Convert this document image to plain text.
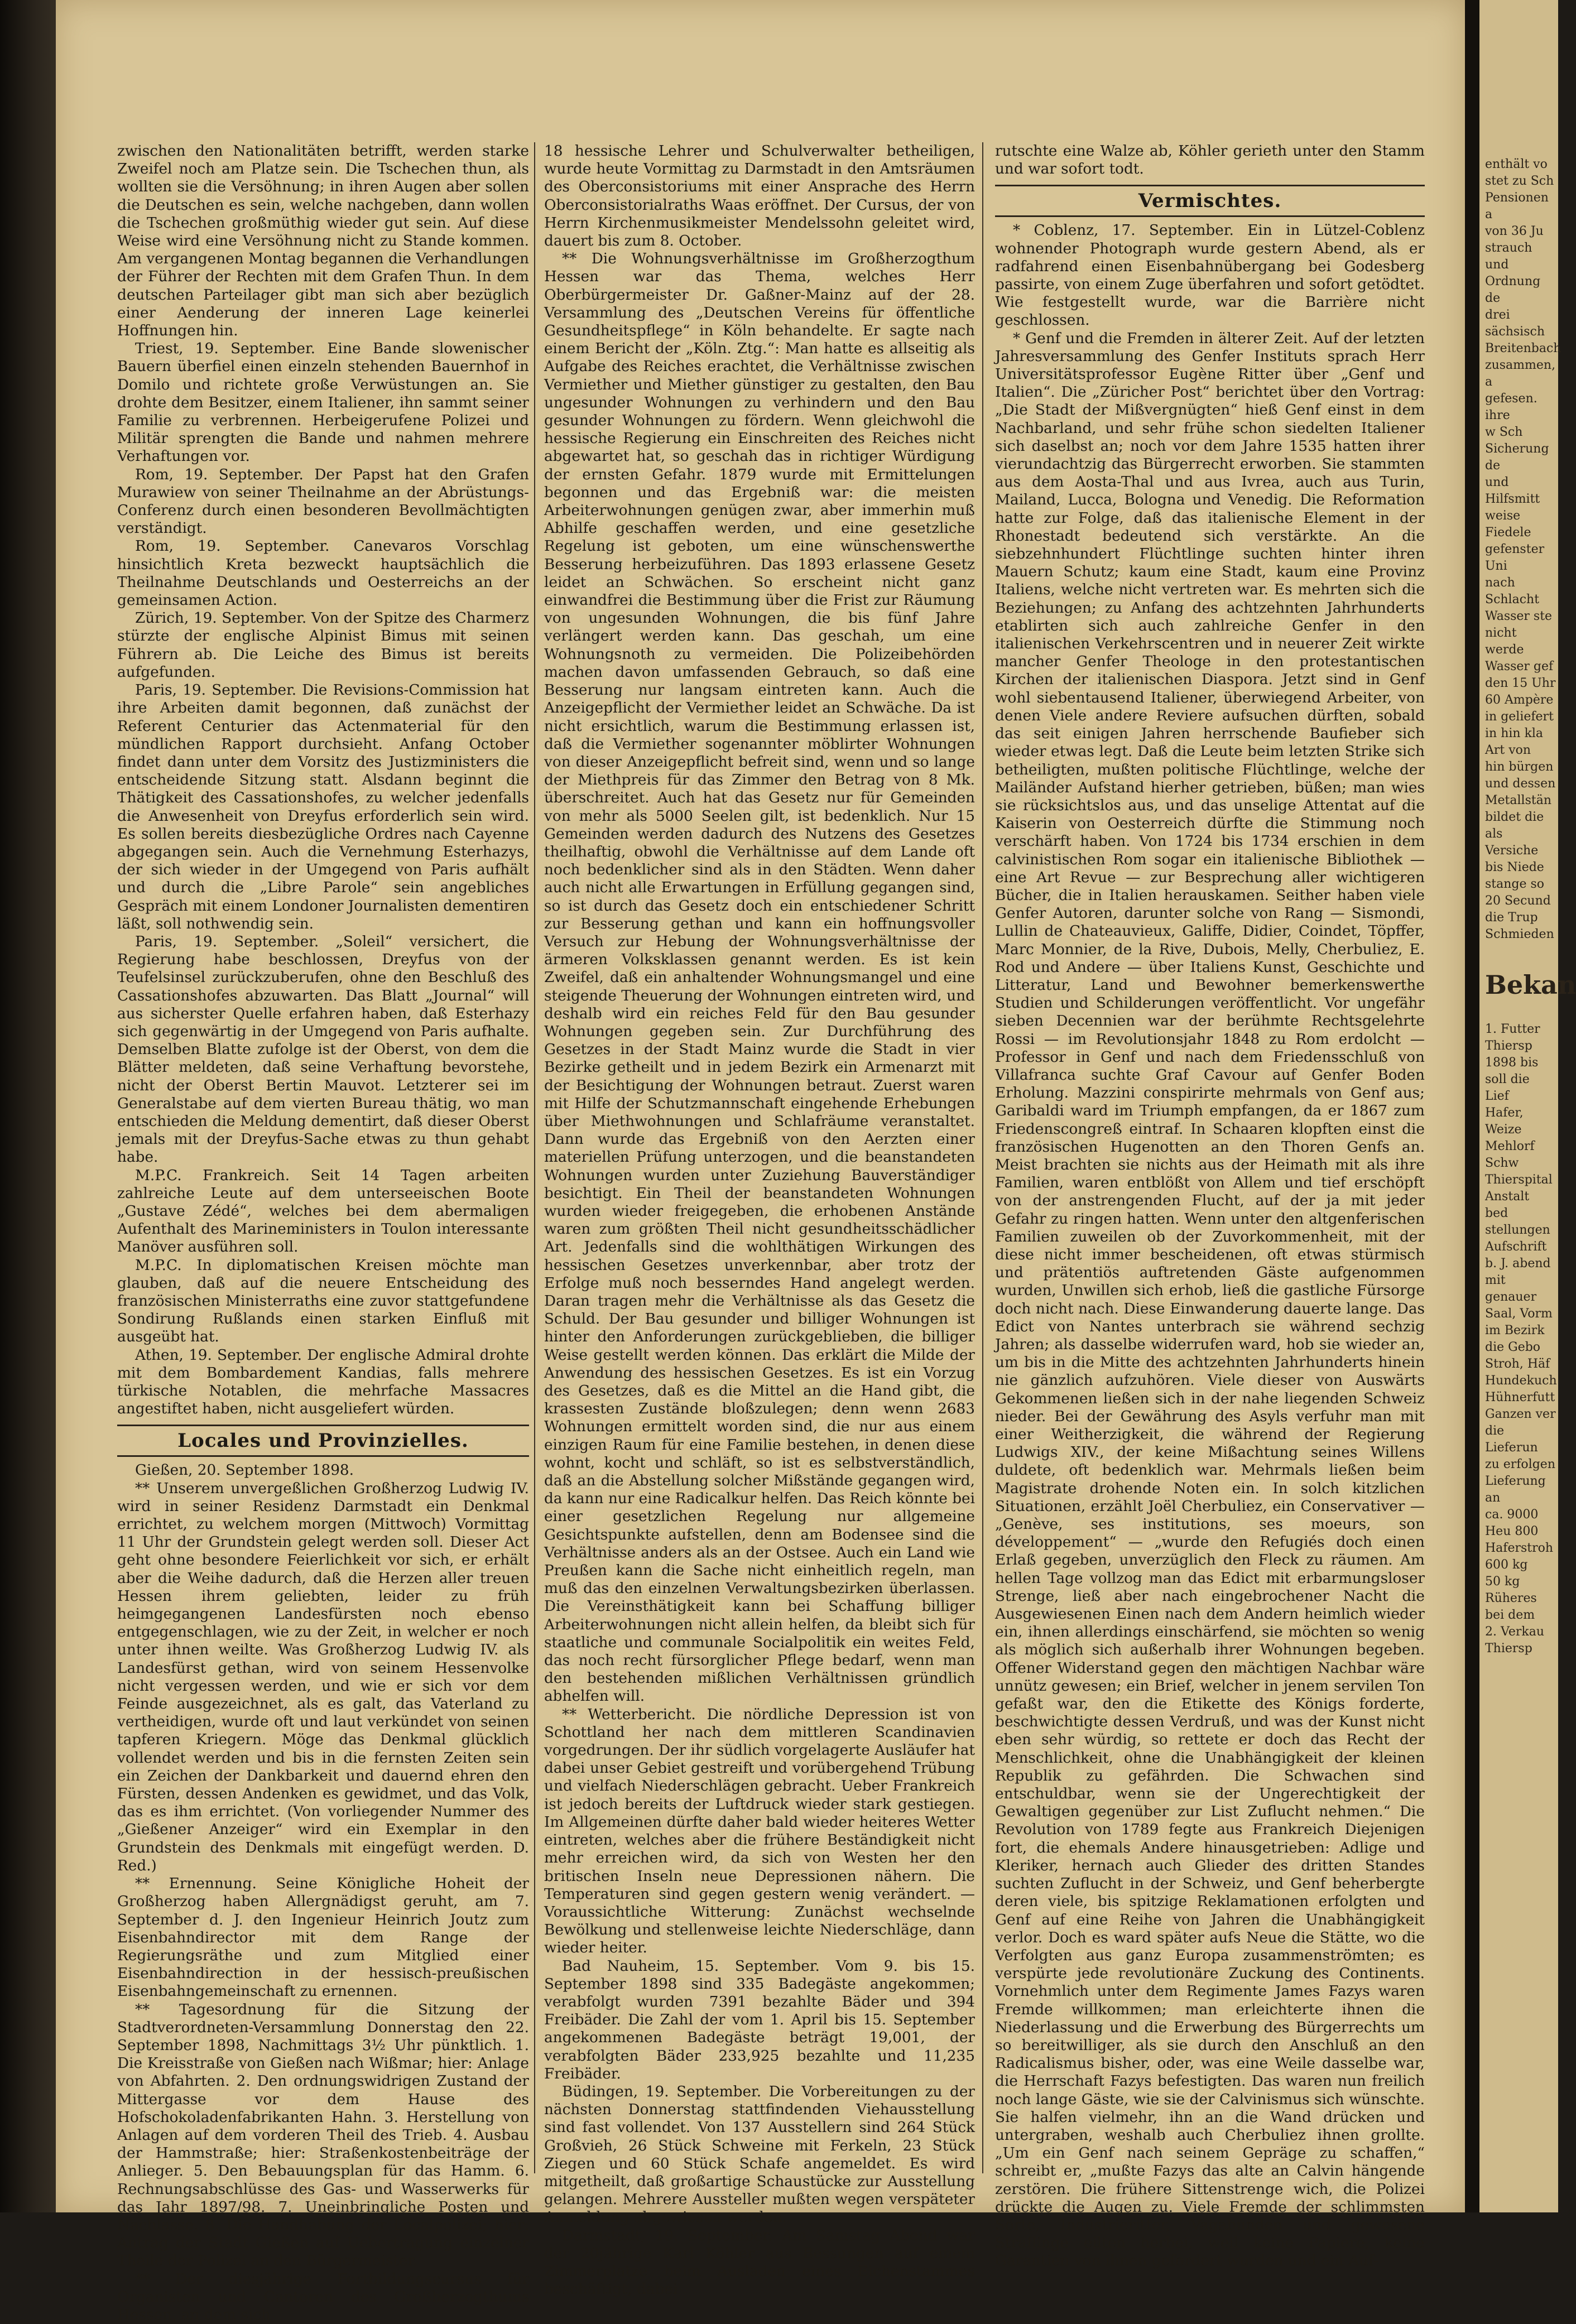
zwischen den Nationalitäten betrifft, werden starke Zweifel noch am Platze sein. Die Tschechen thun, als wollten sie die Versöhnung; in ihren Augen aber sollen die Deutschen es sein, welche nachgeben, dann wollen die Tschechen großmüthig wieder gut sein. Auf diese Weise wird eine Versöhnung nicht zu Stande kommen. Am vergangenen Montag begannen die Verhandlungen der Führer der Rechten mit dem Grafen Thun. In dem deutschen Parteilager gibt man sich aber bezüglich einer Aenderung der inneren Lage keinerlei Hoffnungen hin.

Triest, 19. September. Eine Bande slowenischer Bauern überfiel einen einzeln stehenden Bauernhof in Domilo und richtete große Verwüstungen an. Sie drohte dem Besitzer, einem Italiener, ihn sammt seiner Familie zu verbrennen. Herbeigerufene Polizei und Militär sprengten die Bande und nahmen mehrere Verhaftungen vor.

Rom, 19. September. Der Papst hat den Grafen Murawiew von seiner Theilnahme an der Abrüstungs-Conferenz durch einen besonderen Bevollmächtigten verständigt.

Rom, 19. September. Canevaros Vorschlag hinsichtlich Kreta bezweckt hauptsächlich die Theilnahme Deutschlands und Oesterreichs an der gemeinsamen Action.

Zürich, 19. September. Von der Spitze des Charmerz stürzte der englische Alpinist Bimus mit seinen Führern ab. Die Leiche des Bimus ist bereits aufgefunden.

Paris, 19. September. Die Revisions-Commission hat ihre Arbeiten damit begonnen, daß zunächst der Referent Centurier das Actenmaterial für den mündlichen Rapport durchsieht. Anfang October findet dann unter dem Vorsitz des Justizministers die entscheidende Sitzung statt. Alsdann beginnt die Thätigkeit des Cassationshofes, zu welcher jedenfalls die Anwesenheit von Dreyfus erforderlich sein wird. Es sollen bereits diesbezügliche Ordres nach Cayenne abgegangen sein. Auch die Vernehmung Esterhazys, der sich wieder in der Umgegend von Paris aufhält und durch die „Libre Parole“ sein angebliches Gespräch mit einem Londoner Journalisten dementiren läßt, soll nothwendig sein.

Paris, 19. September. „Soleil“ versichert, die Regierung habe beschlossen, Dreyfus von der Teufelsinsel zurückzuberufen, ohne den Beschluß des Cassationshofes abzuwarten. Das Blatt „Journal“ will aus sicherster Quelle erfahren haben, daß Esterhazy sich gegenwärtig in der Umgegend von Paris aufhalte. Demselben Blatte zufolge ist der Oberst, von dem die Blätter meldeten, daß seine Verhaftung bevorstehe, nicht der Oberst Bertin Mauvot. Letzterer sei im Generalstabe auf dem vierten Bureau thätig, wo man entschieden die Meldung dementirt, daß dieser Oberst jemals mit der Dreyfus-Sache etwas zu thun gehabt habe.

M.P.C. Frankreich. Seit 14 Tagen arbeiten zahlreiche Leute auf dem unterseeischen Boote „Gustave Zédé“, welches bei dem abermaligen Aufenthalt des Marineministers in Toulon interessante Manöver ausführen soll.

M.P.C. In diplomatischen Kreisen möchte man glauben, daß auf die neuere Entscheidung des französischen Ministerraths eine zuvor stattgefundene Sondirung Rußlands einen starken Einfluß mit ausgeübt hat.

Athen, 19. September. Der englische Admiral drohte mit dem Bombardement Kandias, falls mehrere türkische Notablen, die mehrfache Massacres angestiftet haben, nicht ausgeliefert würden.

Locales und Provinzielles.

Gießen, 20. September 1898.

** Unserem unvergeßlichen Großherzog Ludwig IV. wird in seiner Residenz Darmstadt ein Denkmal errichtet, zu welchem morgen (Mittwoch) Vormittag 11 Uhr der Grundstein gelegt werden soll. Dieser Act geht ohne besondere Feierlichkeit vor sich, er erhält aber die Weihe dadurch, daß die Herzen aller treuen Hessen ihrem geliebten, leider zu früh heimgegangenen Landesfürsten noch ebenso entgegenschlagen, wie zu der Zeit, in welcher er noch unter ihnen weilte. Was Großherzog Ludwig IV. als Landesfürst gethan, wird von seinem Hessenvolke nicht vergessen werden, und wie er sich vor dem Feinde ausgezeichnet, als es galt, das Vaterland zu vertheidigen, wurde oft und laut verkündet von seinen tapferen Kriegern. Möge das Denkmal glücklich vollendet werden und bis in die fernsten Zeiten sein ein Zeichen der Dankbarkeit und dauernd ehren den Fürsten, dessen Andenken es gewidmet, und das Volk, das es ihm errichtet. (Von vorliegender Nummer des „Gießener Anzeiger“ wird ein Exemplar in den Grundstein des Denkmals mit eingefügt werden. D. Red.)

** Ernennung. Seine Königliche Hoheit der Großherzog haben Allergnädigst geruht, am 7. September d. J. den Ingenieur Heinrich Joutz zum Eisenbahndirector mit dem Range der Regierungsräthe und zum Mitglied einer Eisenbahndirection in der hessisch-preußischen Eisenbahngemeinschaft zu ernennen.

** Tagesordnung für die Sitzung der Stadtverordneten-Versammlung Donnerstag den 22. September 1898, Nachmittags 3½ Uhr pünktlich. 1. Die Kreisstraße von Gießen nach Wißmar; hier: Anlage von Abfahrten. 2. Den ordnungswidrigen Zustand der Mittergasse vor dem Hause des Hofschokoladenfabrikanten Hahn. 3. Herstellung von Anlagen auf dem vorderen Theil des Trieb. 4. Ausbau der Hammstraße; hier: Straßenkostenbeiträge der Anlieger. 5. Den Bebauungsplan für das Hamm. 6. Rechnungsabschlüsse des Gas- und Wasserwerks für das Jahr 1897/98. 7. Uneinbringliche Posten und Nachlässe. 8. Die Handhabung der Localpolizei; hier: Antrag der Stadt Gießen auf Uebertragung einzelner Theile der Polizei an den Bürgermeister.

** Der diesjährige Fortbildungscursus für Organisten und Cantoren des Großherzogthums Hessen, an dem sich

18 hessische Lehrer und Schulverwalter betheiligen, wurde heute Vormittag zu Darmstadt in den Amtsräumen des Oberconsistoriums mit einer Ansprache des Herrn Oberconsistorialraths Waas eröffnet. Der Cursus, der von Herrn Kirchenmusikmeister Mendelssohn geleitet wird, dauert bis zum 8. October.

** Die Wohnungsverhältnisse im Großherzogthum Hessen war das Thema, welches Herr Oberbürgermeister Dr. Gaßner-Mainz auf der 28. Versammlung des „Deutschen Vereins für öffentliche Gesundheitspflege“ in Köln behandelte. Er sagte nach einem Bericht der „Köln. Ztg.“: Man hatte es allseitig als Aufgabe des Reiches erachtet, die Verhältnisse zwischen Vermiether und Miether günstiger zu gestalten, den Bau ungesunder Wohnungen zu verhindern und den Bau gesunder Wohnungen zu fördern. Wenn gleichwohl die hessische Regierung ein Einschreiten des Reiches nicht abgewartet hat, so geschah das in richtiger Würdigung der ernsten Gefahr. 1879 wurde mit Ermittelungen begonnen und das Ergebniß war: die meisten Arbeiterwohnungen genügen zwar, aber immerhin muß Abhilfe geschaffen werden, und eine gesetzliche Regelung ist geboten, um eine wünschenswerthe Besserung herbeizuführen. Das 1893 erlassene Gesetz leidet an Schwächen. So erscheint nicht ganz einwandfrei die Bestimmung über die Frist zur Räumung von ungesunden Wohnungen, die bis fünf Jahre verlängert werden kann. Das geschah, um eine Wohnungsnoth zu vermeiden. Die Polizeibehörden machen davon umfassenden Gebrauch, so daß eine Besserung nur langsam eintreten kann. Auch die Anzeigepflicht der Vermiether leidet an Schwäche. Da ist nicht ersichtlich, warum die Bestimmung erlassen ist, daß die Vermiether sogenannter möblirter Wohnungen von dieser Anzeigepflicht befreit sind, wenn und so lange der Miethpreis für das Zimmer den Betrag von 8 Mk. überschreitet. Auch hat das Gesetz nur für Gemeinden von mehr als 5000 Seelen gilt, ist bedenklich. Nur 15 Gemeinden werden dadurch des Nutzens des Gesetzes theilhaftig, obwohl die Verhältnisse auf dem Lande oft noch bedenklicher sind als in den Städten. Wenn daher auch nicht alle Erwartungen in Erfüllung gegangen sind, so ist durch das Gesetz doch ein entschiedener Schritt zur Besserung gethan und kann ein hoffnungsvoller Versuch zur Hebung der Wohnungsverhältnisse der ärmeren Volksklassen genannt werden. Es ist kein Zweifel, daß ein anhaltender Wohnungsmangel und eine steigende Theuerung der Wohnungen eintreten wird, und deshalb wird ein reiches Feld für den Bau gesunder Wohnungen gegeben sein. Zur Durchführung des Gesetzes in der Stadt Mainz wurde die Stadt in vier Bezirke getheilt und in jedem Bezirk ein Armenarzt mit der Besichtigung der Wohnungen betraut. Zuerst waren mit Hilfe der Schutzmannschaft eingehende Erhebungen über Miethwohnungen und Schlafräume veranstaltet. Dann wurde das Ergebniß von den Aerzten einer materiellen Prüfung unterzogen, und die beanstandeten Wohnungen wurden unter Zuziehung Bauverständiger besichtigt. Ein Theil der beanstandeten Wohnungen wurden wieder freigegeben, die erhobenen Anstände waren zum größten Theil nicht gesundheitsschädlicher Art. Jedenfalls sind die wohlthätigen Wirkungen des hessischen Gesetzes unverkennbar, aber trotz der Erfolge muß noch besserndes Hand angelegt werden. Daran tragen mehr die Verhältnisse als das Gesetz die Schuld. Der Bau gesunder und billiger Wohnungen ist hinter den Anforderungen zurückgeblieben, die billiger Weise gestellt werden können. Das erklärt die Milde der Anwendung des hessischen Gesetzes. Es ist ein Vorzug des Gesetzes, daß es die Mittel an die Hand gibt, die krassesten Zustände bloßzulegen; denn wenn 2683 Wohnungen ermittelt worden sind, die nur aus einem einzigen Raum für eine Familie bestehen, in denen diese wohnt, kocht und schläft, so ist es selbstverständlich, daß an die Abstellung solcher Mißstände gegangen wird, da kann nur eine Radicalkur helfen. Das Reich könnte bei einer gesetzlichen Regelung nur allgemeine Gesichtspunkte aufstellen, denn am Bodensee sind die Verhältnisse anders als an der Ostsee. Auch ein Land wie Preußen kann die Sache nicht einheitlich regeln, man muß das den einzelnen Verwaltungsbezirken überlassen. Die Vereinsthätigkeit kann bei Schaffung billiger Arbeiterwohnungen nicht allein helfen, da bleibt sich für staatliche und communale Socialpolitik ein weites Feld, das noch recht fürsorglicher Pflege bedarf, wenn man den bestehenden mißlichen Verhältnissen gründlich abhelfen will.

** Wetterbericht. Die nördliche Depression ist von Schottland her nach dem mittleren Scandinavien vorgedrungen. Der ihr südlich vorgelagerte Ausläufer hat dabei unser Gebiet gestreift und vorübergehend Trübung und vielfach Niederschlägen gebracht. Ueber Frankreich ist jedoch bereits der Luftdruck wieder stark gestiegen. Im Allgemeinen dürfte daher bald wieder heiteres Wetter eintreten, welches aber die frühere Beständigkeit nicht mehr erreichen wird, da sich von Westen her den britischen Inseln neue Depressionen nähern. Die Temperaturen sind gegen gestern wenig verändert. — Voraussichtliche Witterung: Zunächst wechselnde Bewölkung und stellenweise leichte Niederschläge, dann wieder heiter.

Bad Nauheim, 15. September. Vom 9. bis 15. September 1898 sind 335 Badegäste angekommen; verabfolgt wurden 7391 bezahlte Bäder und 394 Freibäder. Die Zahl der vom 1. April bis 15. September angekommenen Badegäste beträgt 19,001, der verabfolgten Bäder 233,925 bezahlte und 11,235 Freibäder.

Büdingen, 19. September. Die Vorbereitungen zu der nächsten Donnerstag stattfindenden Viehausstellung sind fast vollendet. Von 137 Ausstellern sind 264 Stück Großvieh, 26 Stück Schweine mit Ferkeln, 23 Stück Ziegen und 60 Stück Schafe angemeldet. Es wird mitgetheilt, daß großartige Schaustücke zur Ausstellung gelangen. Mehrere Aussteller mußten wegen verspäteter Anmeldung abgewiesen werden.

Darmstadt, 19. September. Am Samstag Abend war der 20jährige Karl Köhler aus Bessungen auf einem Zimmerplatze beim Ausladen eines Eichenstammes beschäftigt, dabei

rutschte eine Walze ab, Köhler gerieth unter den Stamm und war sofort todt.

Vermischtes.

* Coblenz, 17. September. Ein in Lützel-Coblenz wohnender Photograph wurde gestern Abend, als er radfahrend einen Eisenbahnübergang bei Godesberg passirte, von einem Zuge überfahren und sofort getödtet. Wie festgestellt wurde, war die Barrière nicht geschlossen.

* Genf und die Fremden in älterer Zeit. Auf der letzten Jahresversammlung des Genfer Instituts sprach Herr Universitätsprofessor Eugène Ritter über „Genf und Italien“. Die „Züricher Post“ berichtet über den Vortrag: „Die Stadt der Mißvergnügten“ hieß Genf einst in dem Nachbarland, und sehr frühe schon siedelten Italiener sich daselbst an; noch vor dem Jahre 1535 hatten ihrer vierundachtzig das Bürgerrecht erworben. Sie stammten aus dem Aosta-Thal und aus Ivrea, auch aus Turin, Mailand, Lucca, Bologna und Venedig. Die Reformation hatte zur Folge, daß das italienische Element in der Rhonestadt bedeutend sich verstärkte. An die siebzehnhundert Flüchtlinge suchten hinter ihren Mauern Schutz; kaum eine Stadt, kaum eine Provinz Italiens, welche nicht vertreten war. Es mehrten sich die Beziehungen; zu Anfang des achtzehnten Jahrhunderts etablirten sich auch zahlreiche Genfer in den italienischen Verkehrscentren und in neuerer Zeit wirkte mancher Genfer Theologe in den protestantischen Kirchen der italienischen Diaspora. Jetzt sind in Genf wohl siebentausend Italiener, überwiegend Arbeiter, von denen Viele andere Reviere aufsuchen dürften, sobald das seit einigen Jahren herrschende Baufieber sich wieder etwas legt. Daß die Leute beim letzten Strike sich betheiligten, mußten politische Flüchtlinge, welche der Mailänder Aufstand hierher getrieben, büßen; man wies sie rücksichtslos aus, und das unselige Attentat auf die Kaiserin von Oesterreich dürfte die Stimmung noch verschärft haben. Von 1724 bis 1734 erschien in dem calvinistischen Rom sogar ein italienische Bibliothek — eine Art Revue — zur Besprechung aller wichtigeren Bücher, die in Italien herauskamen. Seither haben viele Genfer Autoren, darunter solche von Rang — Sismondi, Lullin de Chateauvieux, Galiffe, Didier, Coindet, Töpffer, Marc Monnier, de la Rive, Dubois, Melly, Cherbuliez, E. Rod und Andere — über Italiens Kunst, Geschichte und Litteratur, Land und Bewohner bemerkenswerthe Studien und Schilderungen veröffentlicht. Vor ungefähr sieben Decennien war der berühmte Rechtsgelehrte Rossi — im Revolutionsjahr 1848 zu Rom erdolcht — Professor in Genf und nach dem Friedensschluß von Villafranca suchte Graf Cavour auf Genfer Boden Erholung. Mazzini conspirirte mehrmals von Genf aus; Garibaldi ward im Triumph empfangen, da er 1867 zum Friedenscongreß eintraf. In Schaaren klopften einst die französischen Hugenotten an den Thoren Genfs an. Meist brachten sie nichts aus der Heimath mit als ihre Familien, waren entblößt von Allem und tief erschöpft von der anstrengenden Flucht, auf der ja mit jeder Gefahr zu ringen hatten. Wenn unter den altgenferischen Familien zuweilen ob der Zuvorkommenheit, mit der diese nicht immer bescheidenen, oft etwas stürmisch und prätentiös auftretenden Gäste aufgenommen wurden, Unwillen sich erhob, ließ die gastliche Fürsorge doch nicht nach. Diese Einwanderung dauerte lange. Das Edict von Nantes unterbrach sie während sechzig Jahren; als dasselbe widerrufen ward, hob sie wieder an, um bis in die Mitte des achtzehnten Jahrhunderts hinein nie gänzlich aufzuhören. Viele dieser von Auswärts Gekommenen ließen sich in der nahe liegenden Schweiz nieder. Bei der Gewährung des Asyls verfuhr man mit einer Weitherzigkeit, die während der Regierung Ludwigs XIV., der keine Mißachtung seines Willens duldete, oft bedenklich war. Mehrmals ließen beim Magistrate drohende Noten ein. In solch kitzlichen Situationen, erzählt Joël Cherbuliez, ein Conservativer — „Genève, ses institutions, ses moeurs, son développement“ — „wurde den Refugiés doch einen Erlaß gegeben, unverzüglich den Fleck zu räumen. Am hellen Tage vollzog man das Edict mit erbarmungsloser Strenge, ließ aber nach eingebrochener Nacht die Ausgewiesenen Einen nach dem Andern heimlich wieder ein, ihnen allerdings einschärfend, sie möchten so wenig als möglich sich außerhalb ihrer Wohnungen begeben. Offener Widerstand gegen den mächtigen Nachbar wäre unnütz gewesen; ein Brief, welcher in jenem servilen Ton gefaßt war, den die Etikette des Königs forderte, beschwichtigte dessen Verdruß, und was der Kunst nicht eben sehr würdig, so rettete er doch das Recht der Menschlichkeit, ohne die Unabhängigkeit der kleinen Republik zu gefährden. Die Schwachen sind entschuldbar, wenn sie der Ungerechtigkeit der Gewaltigen gegenüber zur List Zuflucht nehmen.“ Die Revolution von 1789 fegte aus Frankreich Diejenigen fort, die ehemals Andere hinausgetrieben: Adlige und Kleriker, hernach auch Glieder des dritten Standes suchten Zuflucht in der Schweiz, und Genf beherbergte deren viele, bis spitzige Reklamationen erfolgten und Genf auf eine Reihe von Jahren die Unabhängigkeit verlor. Doch es ward später aufs Neue die Stätte, wo die Verfolgten aus ganz Europa zusammenströmten; es verspürte jede revolutionäre Zuckung des Continents. Vornehmlich unter dem Regimente James Fazys waren Fremde willkommen; man erleichterte ihnen die Niederlassung und die Erwerbung des Bürgerrechts um so bereitwilliger, als sie durch den Anschluß an den Radicalismus bisher, oder, was eine Weile dasselbe war, die Herrschaft Fazys befestigten. Das waren nun freilich noch lange Gäste, wie sie der Calvinismus sich wünschte. Sie halfen vielmehr, ihn an die Wand drücken und untergraben, weshalb auch Cherbuliez ihnen grollte. „Um ein Genf nach seinem Gepräge zu schaffen,“ schreibt er, „mußte Fazys das alte an Calvin hängende zerstören. Die frühere Sittenstrenge wich, die Polizei drückte die Augen zu. Viele Fremde der schlimmsten Sorte, Industrieritter, Vagabunden und gewesene Sträflinge eilten herbei, weil keine Papiere, keine Garantien von ihnen gefordert wurden und ein Auf-

enthält vo
stet zu Sch
Pensionen a
von 36 Ju
strauch und
Ordnung de
drei sächsisch
Breitenbach
zusammen, a
gefesen. ihre
w Sch
Sicherung de
und Hilfsmitt
weise Fiedele
gefenster Uni
nach Schlacht
Wasser ste
nicht werde
Wasser gef
den 15 Uhr
60 Ampère
in geliefert
in hin kla
Art von
hin bürgen
und dessen
Metallstän
bildet die
als Versiche
bis Niede
stange so
20 Secund
die Trup
Schmieden

Bekan

1. Futter
Thiersp
1898 bis
soll die Lief
Hafer, Weize
Mehlorf Schw
Thierspital
Anstalt bed
stellungen
Aufschrift
b. J. abend
mit genauer
Saal, Vorm
im Bezirk
die Gebo
Stroh, Häf
Hundekuch
Hühnerfutt
Ganzen ver
die Lieferun
zu erfolgen
Lieferung an
ca. 9000
Heu 800
Haferstroh
600 kg
50 kg
Rüheres
bei dem
2. Verkau
Thiersp
